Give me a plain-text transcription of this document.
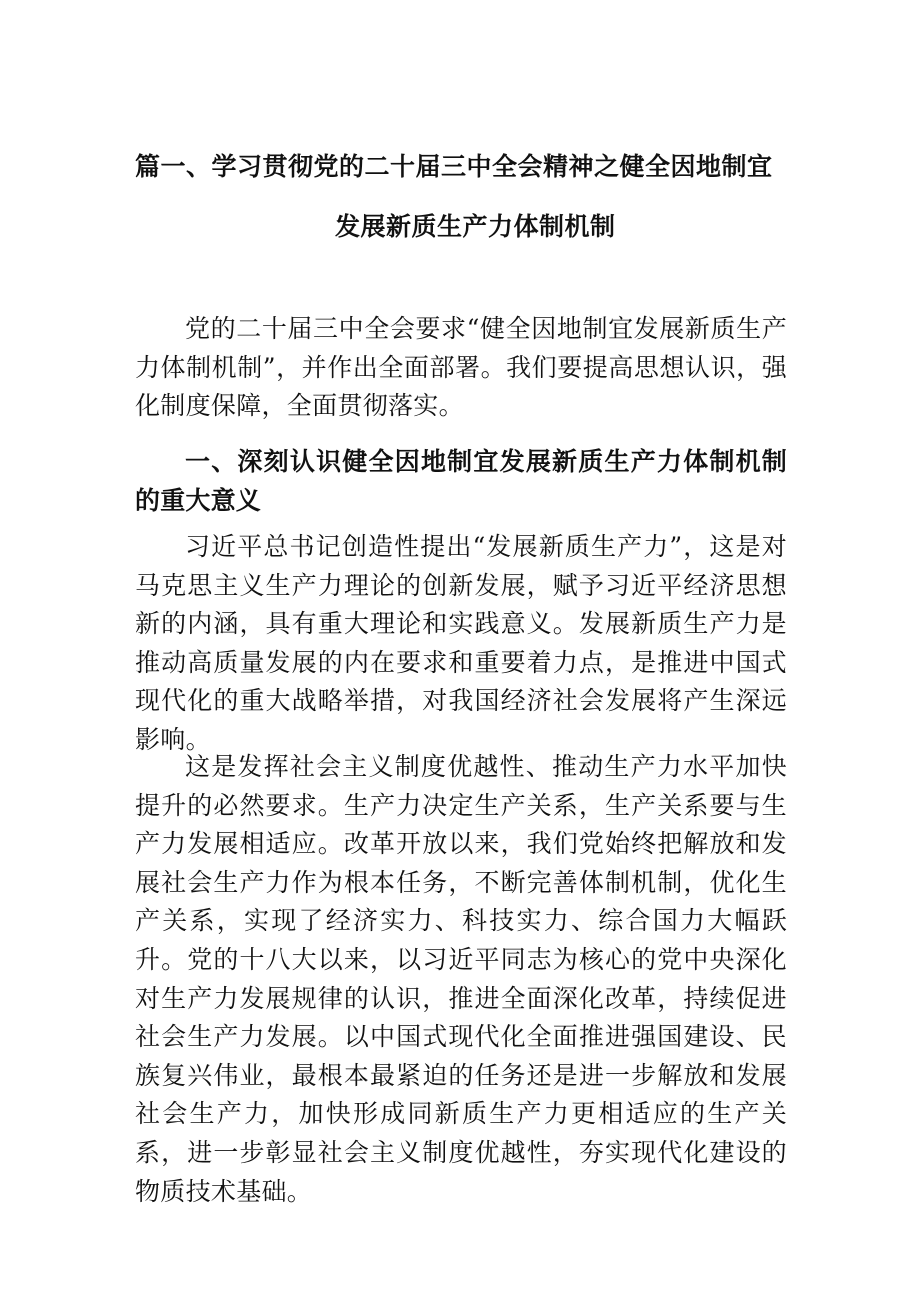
篇一、学习贯彻党的二十届三中全会精神之健全因地制宜
发展新质生产力体制机制

党的二十届三中全会要求“健全因地制宜发展新质生产力体制机制”，并作出全面部署。我们要提高思想认识，强化制度保障，全面贯彻落实。

一、深刻认识健全因地制宜发展新质生产力体制机制的重大意义

习近平总书记创造性提出“发展新质生产力”，这是对马克思主义生产力理论的创新发展，赋予习近平经济思想新的内涵，具有重大理论和实践意义。发展新质生产力是推动高质量发展的内在要求和重要着力点，是推进中国式现代化的重大战略举措，对我国经济社会发展将产生深远影响。

这是发挥社会主义制度优越性、推动生产力水平加快提升的必然要求。生产力决定生产关系，生产关系要与生产力发展相适应。改革开放以来，我们党始终把解放和发展社会生产力作为根本任务，不断完善体制机制，优化生产关系，实现了经济实力、科技实力、综合国力大幅跃升。党的十八大以来，以习近平同志为核心的党中央深化对生产力发展规律的认识，推进全面深化改革，持续促进社会生产力发展。以中国式现代化全面推进强国建设、民族复兴伟业，最根本最紧迫的任务还是进一步解放和发展社会生产力，加快形成同新质生产力更相适应的生产关系，进一步彰显社会主义制度优越性，夯实现代化建设的物质技术基础。
